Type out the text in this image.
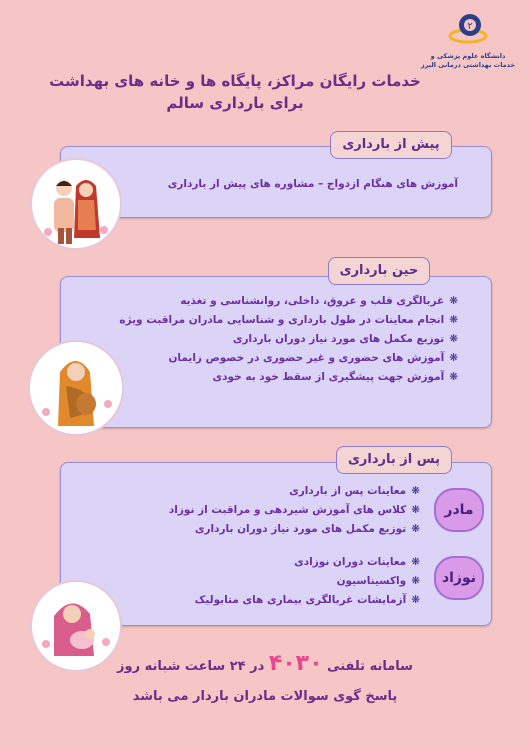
۲
دانشگاه علوم پزشکی و
خدمات بهداشتی درمانی البرز
خدمات رایگان مراکز، پایگاه ها و خانه های بهداشت
برای بارداری سالم
پیش از بارداری
آموزش های هنگام ازدواج – مشاوره های پیش از بارداری
حین بارداری
❋غربالگری قلب و عروق، داخلی، روانشناسی و تغذیه
❋انجام معاینات در طول بارداری و شناسایی مادران مراقبت ویژه
❋توزیع مکمل های مورد نیاز دوران بارداری
❋آموزش های حضوری و غیر حضوری در خصوص زایمان
❋آموزش جهت پیشگیری از سقط خود به خودی
پس از بارداری
مادر
❋معاینات پس از بارداری
❋کلاس های آموزش شیردهی و مراقبت از نوزاد
❋توزیع مکمل های مورد نیاز دوران بارداری
نوزاد
❋معاینات دوران نوزادی
❋واکسیناسیون
❋آزمایشات غربالگری بیماری های متابولیک
سامانه تلفنی ۴۰۳۰ در ۲۴ ساعت شبانه روز
پاسخ گوی سوالات مادران باردار می باشد
